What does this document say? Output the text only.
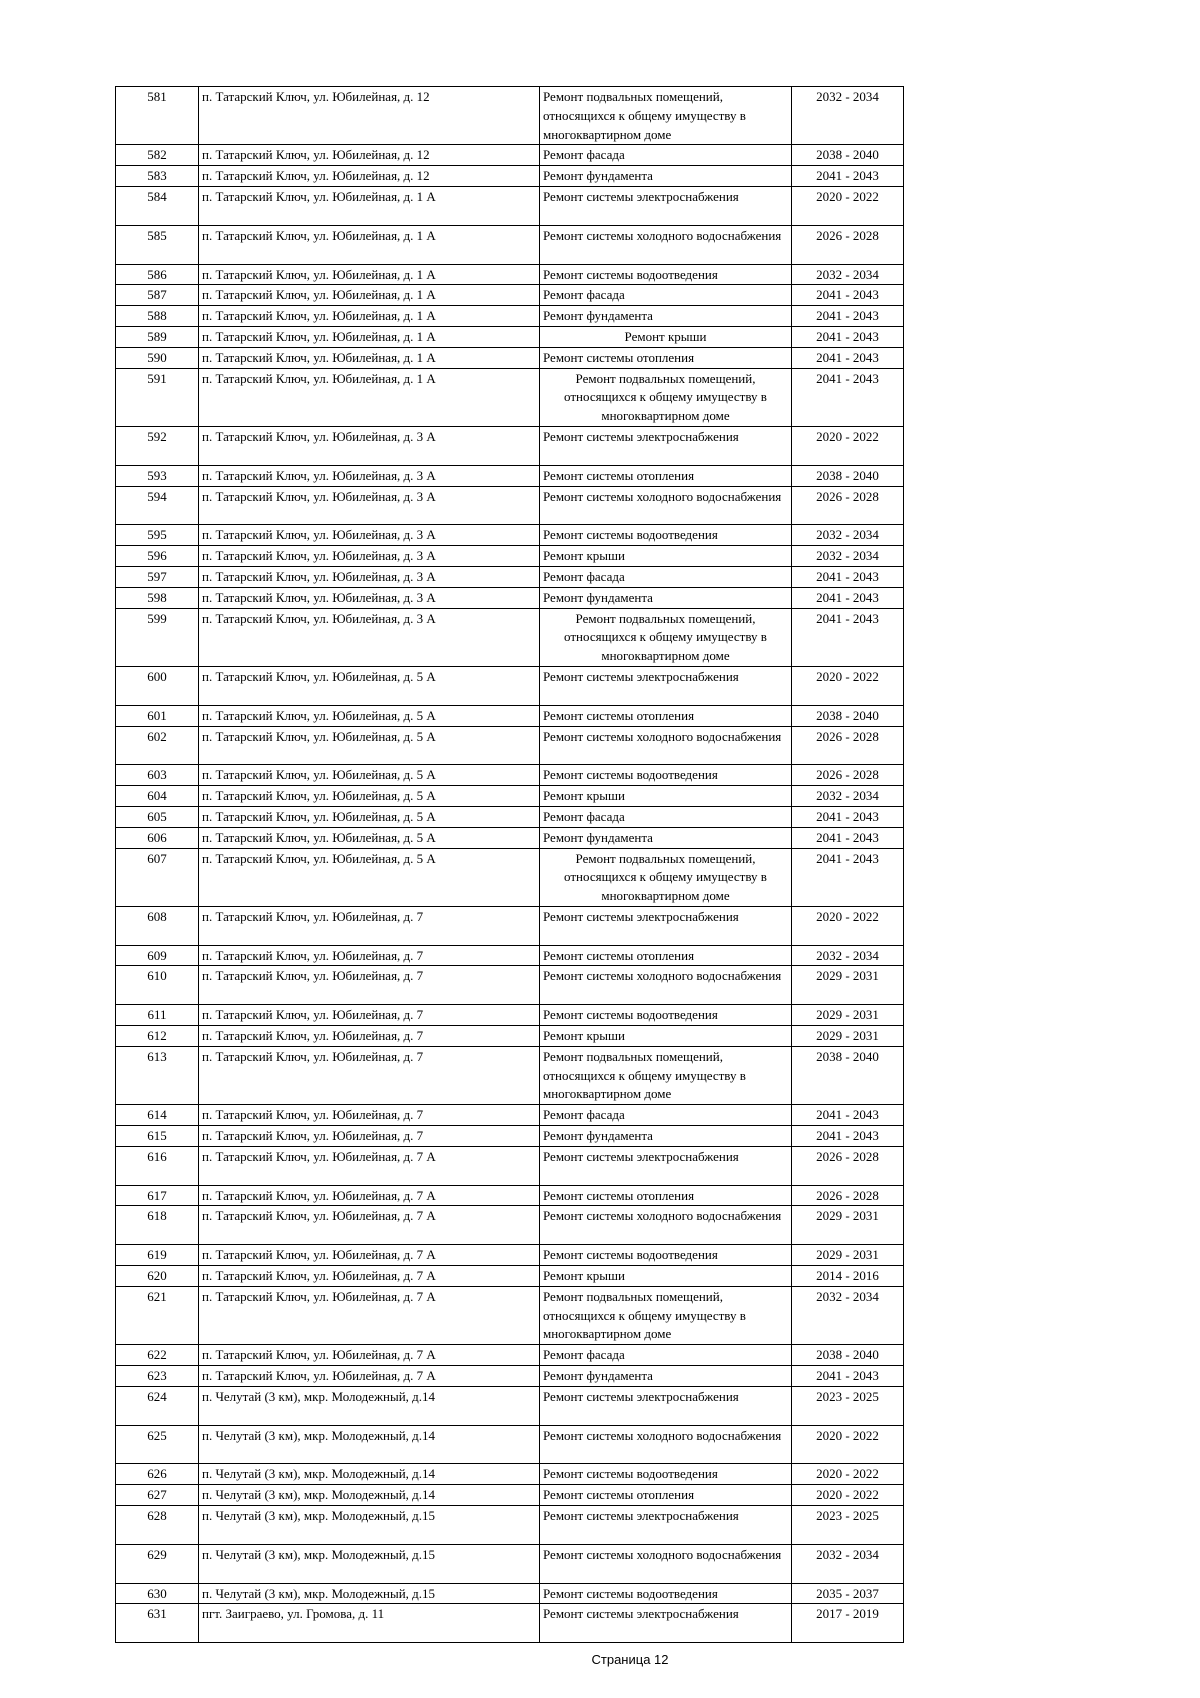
581	п. Татарский Ключ, ул. Юбилейная, д. 12	Ремонт подвальных помещений, относящихся к общему имуществу в многоквартирном доме	2032 - 2034
582	п. Татарский Ключ, ул. Юбилейная, д. 12	Ремонт фасада	2038 - 2040
583	п. Татарский Ключ, ул. Юбилейная, д. 12	Ремонт фундамента	2041 - 2043
584	п. Татарский Ключ, ул. Юбилейная, д. 1 А	Ремонт системы электроснабжения	2020 - 2022
585	п. Татарский Ключ, ул. Юбилейная, д. 1 А	Ремонт системы холодного водоснабжения	2026 - 2028
586	п. Татарский Ключ, ул. Юбилейная, д. 1 А	Ремонт системы водоотведения	2032 - 2034
587	п. Татарский Ключ, ул. Юбилейная, д. 1 А	Ремонт фасада	2041 - 2043
588	п. Татарский Ключ, ул. Юбилейная, д. 1 А	Ремонт фундамента	2041 - 2043
589	п. Татарский Ключ, ул. Юбилейная, д. 1 А	Ремонт крыши	2041 - 2043
590	п. Татарский Ключ, ул. Юбилейная, д. 1 А	Ремонт системы отопления	2041 - 2043
591	п. Татарский Ключ, ул. Юбилейная, д. 1 А	Ремонт подвальных помещений, относящихся к общему имуществу в многоквартирном доме	2041 - 2043
592	п. Татарский Ключ, ул. Юбилейная, д. 3 А	Ремонт системы электроснабжения	2020 - 2022
593	п. Татарский Ключ, ул. Юбилейная, д. 3 А	Ремонт системы отопления	2038 - 2040
594	п. Татарский Ключ, ул. Юбилейная, д. 3 А	Ремонт системы холодного водоснабжения	2026 - 2028
595	п. Татарский Ключ, ул. Юбилейная, д. 3 А	Ремонт системы водоотведения	2032 - 2034
596	п. Татарский Ключ, ул. Юбилейная, д. 3 А	Ремонт крыши	2032 - 2034
597	п. Татарский Ключ, ул. Юбилейная, д. 3 А	Ремонт фасада	2041 - 2043
598	п. Татарский Ключ, ул. Юбилейная, д. 3 А	Ремонт фундамента	2041 - 2043
599	п. Татарский Ключ, ул. Юбилейная, д. 3 А	Ремонт подвальных помещений, относящихся к общему имуществу в многоквартирном доме	2041 - 2043
600	п. Татарский Ключ, ул. Юбилейная, д. 5 А	Ремонт системы электроснабжения	2020 - 2022
601	п. Татарский Ключ, ул. Юбилейная, д. 5 А	Ремонт системы отопления	2038 - 2040
602	п. Татарский Ключ, ул. Юбилейная, д. 5 А	Ремонт системы холодного водоснабжения	2026 - 2028
603	п. Татарский Ключ, ул. Юбилейная, д. 5 А	Ремонт системы водоотведения	2026 - 2028
604	п. Татарский Ключ, ул. Юбилейная, д. 5 А	Ремонт крыши	2032 - 2034
605	п. Татарский Ключ, ул. Юбилейная, д. 5 А	Ремонт фасада	2041 - 2043
606	п. Татарский Ключ, ул. Юбилейная, д. 5 А	Ремонт фундамента	2041 - 2043
607	п. Татарский Ключ, ул. Юбилейная, д. 5 А	Ремонт подвальных помещений, относящихся к общему имуществу в многоквартирном доме	2041 - 2043
608	п. Татарский Ключ, ул. Юбилейная, д. 7	Ремонт системы электроснабжения	2020 - 2022
609	п. Татарский Ключ, ул. Юбилейная, д. 7	Ремонт системы отопления	2032 - 2034
610	п. Татарский Ключ, ул. Юбилейная, д. 7	Ремонт системы холодного водоснабжения	2029 - 2031
611	п. Татарский Ключ, ул. Юбилейная, д. 7	Ремонт системы водоотведения	2029 - 2031
612	п. Татарский Ключ, ул. Юбилейная, д. 7	Ремонт крыши	2029 - 2031
613	п. Татарский Ключ, ул. Юбилейная, д. 7	Ремонт подвальных помещений, относящихся к общему имуществу в многоквартирном доме	2038 - 2040
614	п. Татарский Ключ, ул. Юбилейная, д. 7	Ремонт фасада	2041 - 2043
615	п. Татарский Ключ, ул. Юбилейная, д. 7	Ремонт фундамента	2041 - 2043
616	п. Татарский Ключ, ул. Юбилейная, д. 7 А	Ремонт системы электроснабжения	2026 - 2028
617	п. Татарский Ключ, ул. Юбилейная, д. 7 А	Ремонт системы отопления	2026 - 2028
618	п. Татарский Ключ, ул. Юбилейная, д. 7 А	Ремонт системы холодного водоснабжения	2029 - 2031
619	п. Татарский Ключ, ул. Юбилейная, д. 7 А	Ремонт системы водоотведения	2029 - 2031
620	п. Татарский Ключ, ул. Юбилейная, д. 7 А	Ремонт крыши	2014 - 2016
621	п. Татарский Ключ, ул. Юбилейная, д. 7 А	Ремонт подвальных помещений, относящихся к общему имуществу в многоквартирном доме	2032 - 2034
622	п. Татарский Ключ, ул. Юбилейная, д. 7 А	Ремонт фасада	2038 - 2040
623	п. Татарский Ключ, ул. Юбилейная, д. 7 А	Ремонт фундамента	2041 - 2043
624	п. Челутай (3 км), мкр. Молодежный, д.14	Ремонт системы электроснабжения	2023 - 2025
625	п. Челутай (3 км), мкр. Молодежный, д.14	Ремонт системы холодного водоснабжения	2020 - 2022
626	п. Челутай (3 км), мкр. Молодежный, д.14	Ремонт системы водоотведения	2020 - 2022
627	п. Челутай (3 км), мкр. Молодежный, д.14	Ремонт системы отопления	2020 - 2022
628	п. Челутай (3 км), мкр. Молодежный, д.15	Ремонт системы электроснабжения	2023 - 2025
629	п. Челутай (3 км), мкр. Молодежный, д.15	Ремонт системы холодного водоснабжения	2032 - 2034
630	п. Челутай (3 км), мкр. Молодежный, д.15	Ремонт системы водоотведения	2035 - 2037
631	пгт. Заиграево, ул. Громова, д. 11	Ремонт системы электроснабжения	2017 - 2019
Страница 12
